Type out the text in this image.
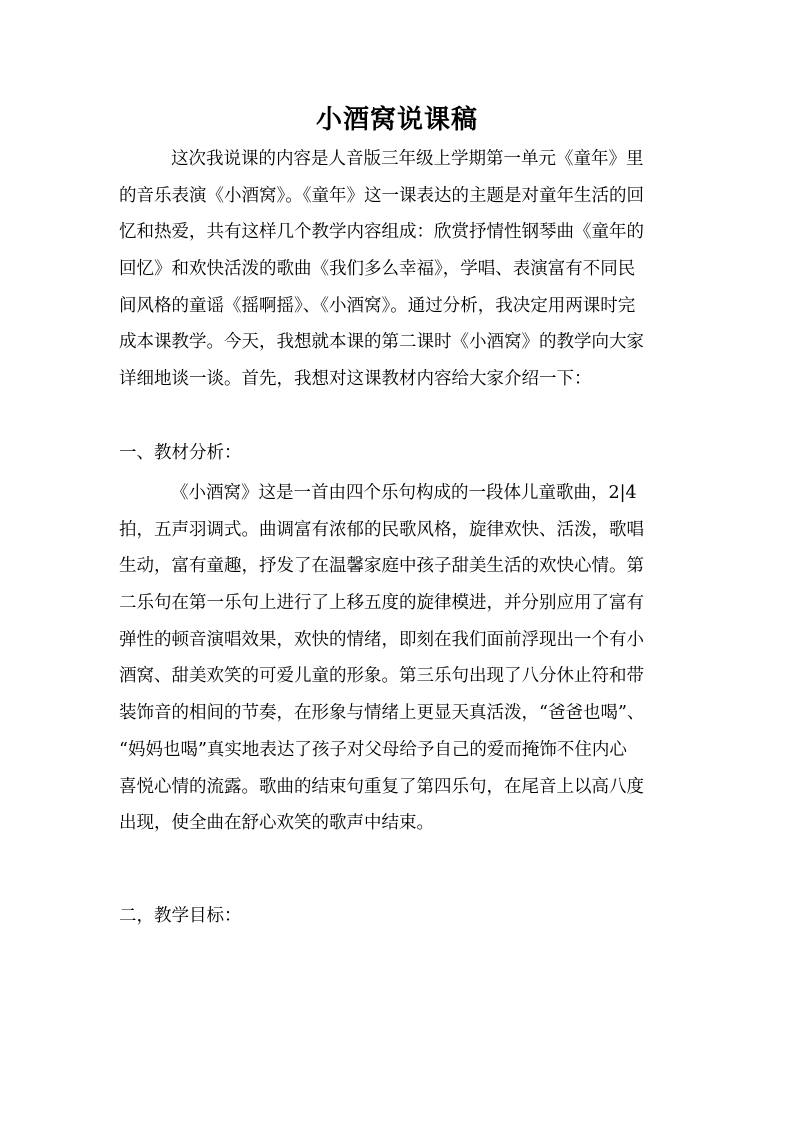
小酒窝说课稿
这次我说课的内容是人音版三年级上学期第一单元《童年》里
的音乐表演《小酒窝》。《童年》这一课表达的主题是对童年生活的回
忆和热爱，共有这样几个教学内容组成：欣赏抒情性钢琴曲《童年的
回忆》和欢快活泼的歌曲《我们多么幸福》，学唱、表演富有不同民
间风格的童谣《摇啊摇》、《小酒窝》。通过分析，我决定用两课时完
成本课教学。今天，我想就本课的第二课时《小酒窝》的教学向大家
详细地谈一谈。首先，我想对这课教材内容给大家介绍一下：
一、教材分析：
《小酒窝》这是一首由四个乐句构成的一段体儿童歌曲，2|4
拍，五声羽调式。曲调富有浓郁的民歌风格，旋律欢快、活泼，歌唱
生动，富有童趣，抒发了在温馨家庭中孩子甜美生活的欢快心情。第
二乐句在第一乐句上进行了上移五度的旋律模进，并分别应用了富有
弹性的顿音演唱效果，欢快的情绪，即刻在我们面前浮现出一个有小
酒窝、甜美欢笑的可爱儿童的形象。第三乐句出现了八分休止符和带
装饰音的相间的节奏，在形象与情绪上更显天真活泼，“爸爸也喝”、
“妈妈也喝”真实地表达了孩子对父母给予自己的爱而掩饰不住内心
喜悦心情的流露。歌曲的结束句重复了第四乐句，在尾音上以高八度
出现，使全曲在舒心欢笑的歌声中结束。
二，教学目标：
